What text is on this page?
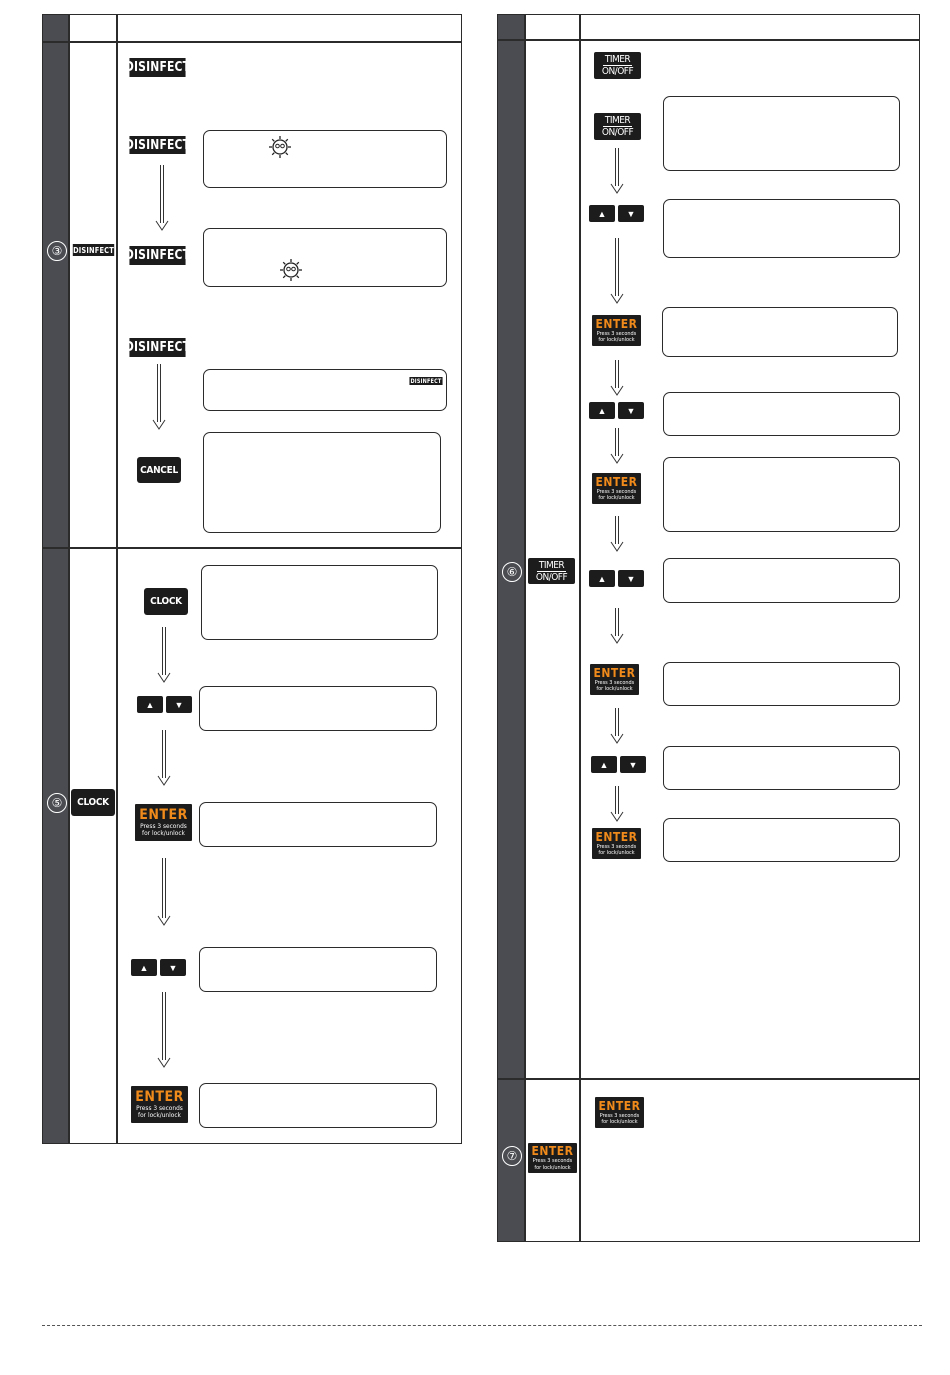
③	DISINFECT
DISINFECT
DISINFECT
DISINFECT
DISINFECT
DISINFECT
CANCEL
⑤	CLOCK
CLOCK
▲	▼
ENTER
Press 3 seconds
for lock/unlock
▲	▼
ENTER
Press 3 seconds
for lock/unlock
⑥	TIMER
ON/OFF
TIMER
ON/OFF
TIMER
ON/OFF
▲	▼
ENTER
Press 3 seconds
for lock/unlock
▲	▼
ENTER
Press 3 seconds
for lock/unlock
▲	▼
ENTER
Press 3 seconds
for lock/unlock
▲	▼
ENTER
Press 3 seconds
for lock/unlock
⑦	ENTER
Press 3 seconds
for lock/unlock
ENTER
Press 3 seconds
for lock/unlock
